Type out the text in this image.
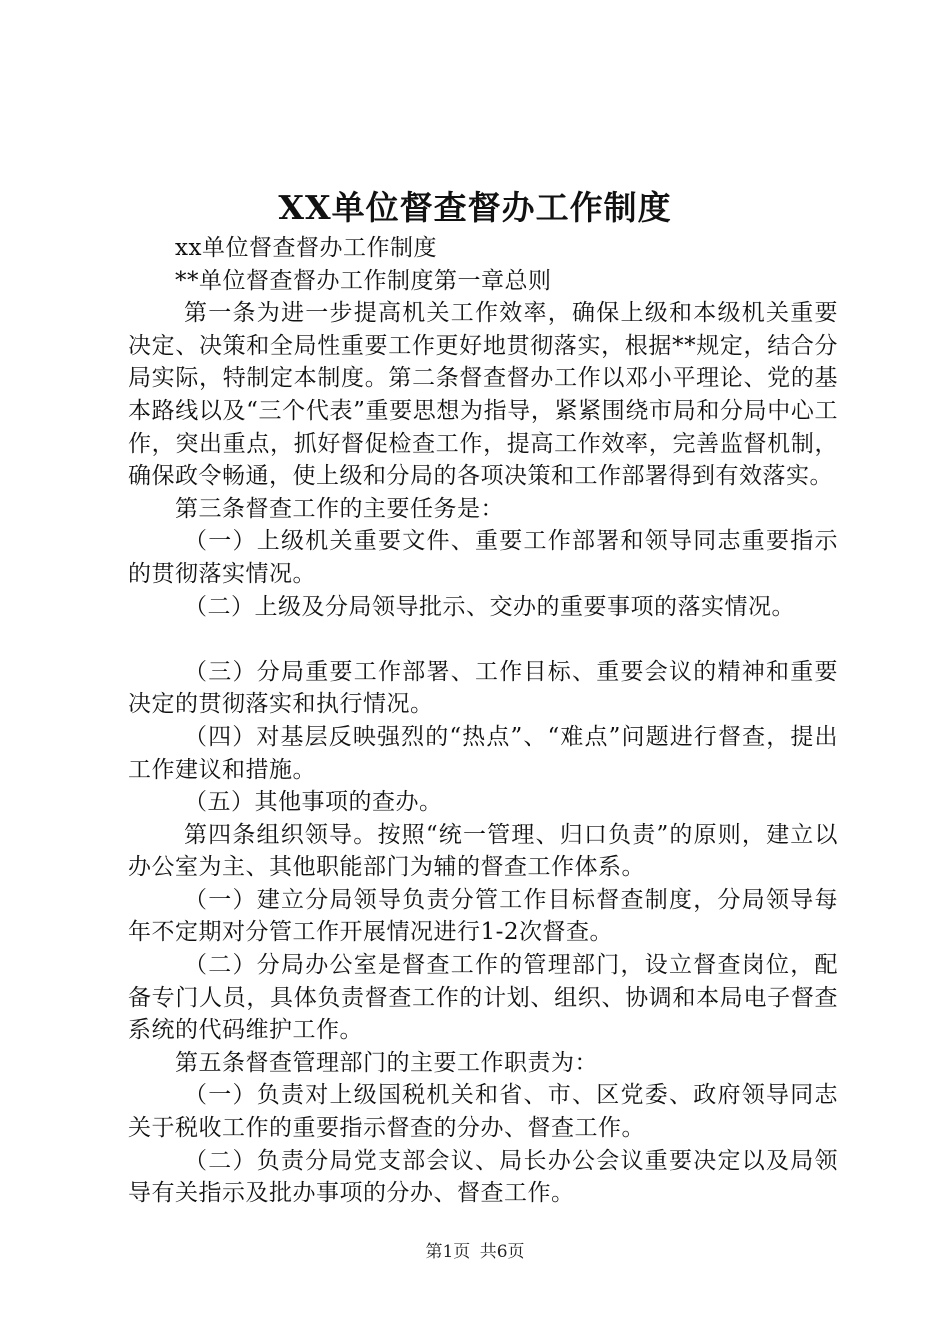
XX单位督查督办工作制度

xx单位督查督办工作制度

**单位督查督办工作制度第一章总则

第一条为进一步提高机关工作效率，确保上级和本级机关重要决定、决策和全局性重要工作更好地贯彻落实，根据**规定，结合分局实际，特制定本制度。第二条督查督办工作以邓小平理论、党的基本路线以及“三个代表”重要思想为指导，紧紧围绕市局和分局中心工作，突出重点，抓好督促检查工作，提高工作效率，完善监督机制，确保政令畅通，使上级和分局的各项决策和工作部署得到有效落实。

第三条督查工作的主要任务是：

（一）上级机关重要文件、重要工作部署和领导同志重要指示的贯彻落实情况。

（二）上级及分局领导批示、交办的重要事项的落实情况。

（三）分局重要工作部署、工作目标、重要会议的精神和重要决定的贯彻落实和执行情况。

（四）对基层反映强烈的“热点”、“难点”问题进行督查，提出工作建议和措施。

（五）其他事项的查办。

第四条组织领导。按照“统一管理、归口负责”的原则，建立以办公室为主、其他职能部门为辅的督查工作体系。

（一）建立分局领导负责分管工作目标督查制度，分局领导每年不定期对分管工作开展情况进行1-2次督查。

（二）分局办公室是督查工作的管理部门，设立督查岗位，配备专门人员，具体负责督查工作的计划、组织、协调和本局电子督查系统的代码维护工作。

第五条督查管理部门的主要工作职责为：

（一）负责对上级国税机关和省、市、区党委、政府领导同志关于税收工作的重要指示督查的分办、督查工作。

（二）负责分局党支部会议、局长办公会议重要决定以及局领导有关指示及批办事项的分办、督查工作。

第1页 共6页
